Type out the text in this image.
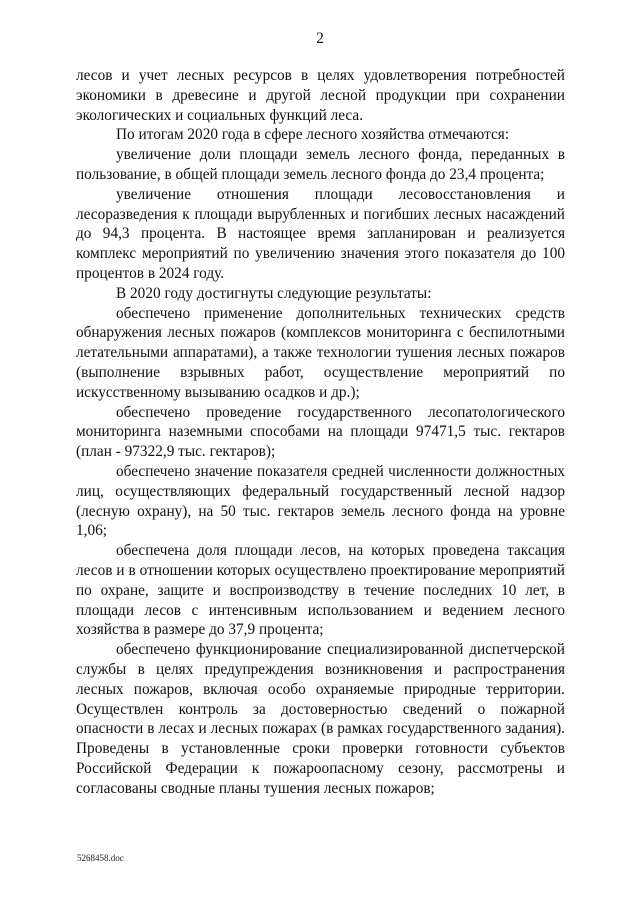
2

лесов и учет лесных ресурсов в целях удовлетворения потребностей экономики в древесине и другой лесной продукции при сохранении экологических и социальных функций леса.

По итогам 2020 года в сфере лесного хозяйства отмечаются:

увеличение доли площади земель лесного фонда, переданных в пользование, в общей площади земель лесного фонда до 23,4 процента;

увеличение отношения площади лесовосстановления и лесоразведения к площади вырубленных и погибших лесных насаждений до 94,3 процента. В настоящее время запланирован и реализуется комплекс мероприятий по увеличению значения этого показателя до 100 процентов в 2024 году.

В 2020 году достигнуты следующие результаты:

обеспечено применение дополнительных технических средств обнаружения лесных пожаров (комплексов мониторинга с беспилотными летательными аппаратами), а также технологии тушения лесных пожаров (выполнение взрывных работ, осуществление мероприятий по искусственному вызыванию осадков и др.);

обеспечено проведение государственного лесопатологического мониторинга наземными способами на площади 97471,5 тыс. гектаров (план - 97322,9 тыс. гектаров);

обеспечено значение показателя средней численности должностных лиц, осуществляющих федеральный государственный лесной надзор (лесную охрану), на 50 тыс. гектаров земель лесного фонда на уровне 1,06;

обеспечена доля площади лесов, на которых проведена таксация лесов и в отношении которых осуществлено проектирование мероприятий по охране, защите и воспроизводству в течение последних 10 лет, в площади лесов с интенсивным использованием и ведением лесного хозяйства в размере до 37,9 процента;

обеспечено функционирование специализированной диспетчерской службы в целях предупреждения возникновения и распространения лесных пожаров, включая особо охраняемые природные территории. Осуществлен контроль за достоверностью сведений о пожарной опасности в лесах и лесных пожарах (в рамках государственного задания). Проведены в установленные сроки проверки готовности субъектов Российской Федерации к пожароопасному сезону, рассмотрены и согласованы сводные планы тушения лесных пожаров;

5268458.doc
